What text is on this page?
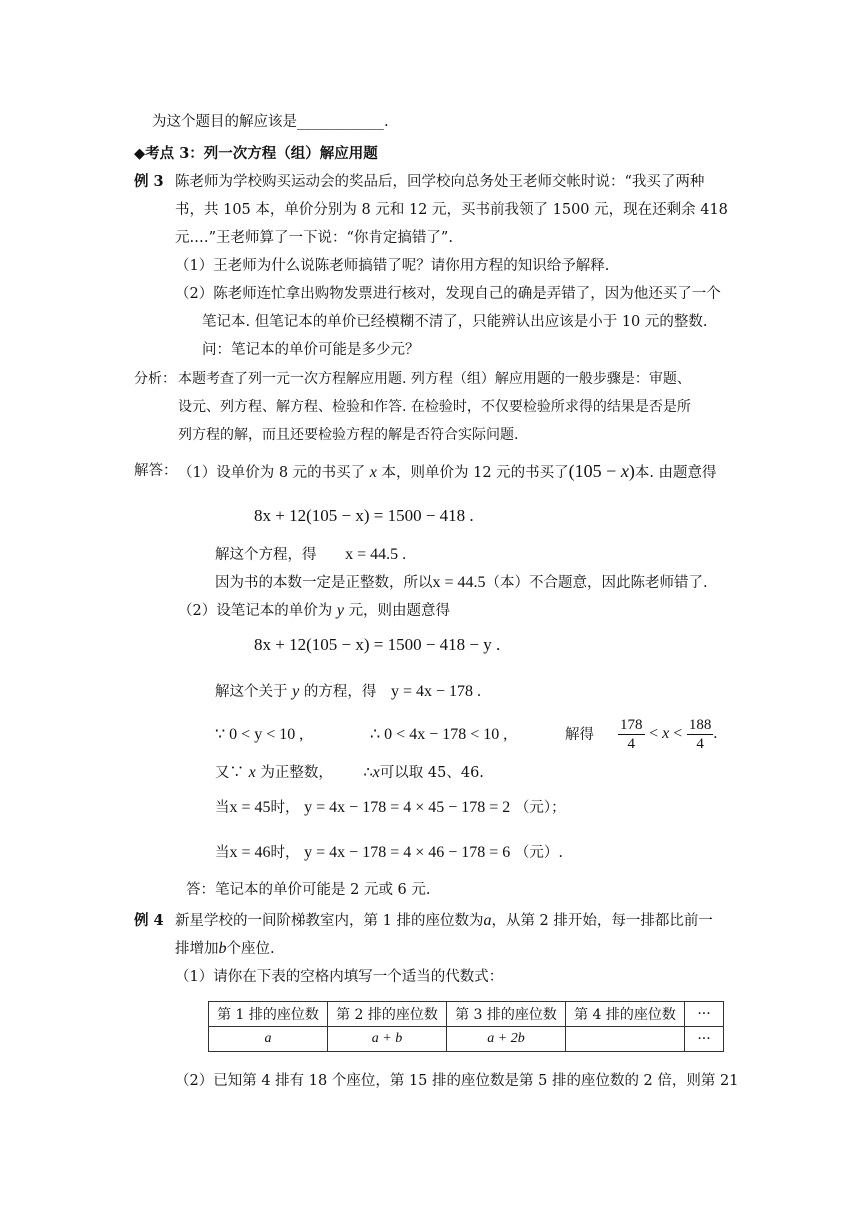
为这个题目的解应该是____________.
◆考点 3：列一次方程（组）解应用题
例 3 陈老师为学校购买运动会的奖品后，回学校向总务处王老师交帐时说：“我买了两种
书，共 105 本，单价分别为 8 元和 12 元，买书前我领了 1500 元，现在还剩余 418
元.…”王老师算了一下说：“你肯定搞错了”.
（1）王老师为什么说陈老师搞错了呢？请你用方程的知识给予解释.
（2）陈老师连忙拿出购物发票进行核对，发现自己的确是弄错了，因为他还买了一个
笔记本. 但笔记本的单价已经模糊不清了，只能辨认出应该是小于 10 元的整数.
问：笔记本的单价可能是多少元？
分析： 本题考查了列一元一次方程解应用题. 列方程（组）解应用题的一般步骤是：审题、
设元、列方程、解方程、检验和作答. 在检验时，不仅要检验所求得的结果是否是所
列方程的解，而且还要检验方程的解是否符合实际问题.
解答： （1）设单价为 8 元的书买了 x 本，则单价为 12 元的书买了(105 − x)本. 由题意得
8x + 12(105 − x) = 1500 − 418 .
解这个方程，得 x = 44.5 .
因为书的本数一定是正整数，所以x = 44.5（本）不合题意，因此陈老师错了.
（2）设笔记本的单价为 y 元，则由题意得
8x + 12(105 − x) = 1500 − 418 − y .
解这个关于 y 的方程，得 y = 4x − 178 .
∵ 0 < y < 10 ,	∴ 0 < 4x − 178 < 10 ,	解得 $\frac{178}{4} < x < \frac{188}{4}$ .
又∵ x 为正整数， ∴x可以取 45、46.
当x = 45时， y = 4x − 178 = 4 × 45 − 178 = 2 （元）；
当x = 46时， y = 4x − 178 = 4 × 46 − 178 = 6 （元）.
答：笔记本的单价可能是 2 元或 6 元.
例 4 新星学校的一间阶梯教室内，第 1 排的座位数为a，从第 2 排开始，每一排都比前一
排增加b个座位.
（1）请你在下表的空格内填写一个适当的代数式：
第 1 排的座位数	第 2 排的座位数	第 3 排的座位数	第 4 排的座位数	···
a	a + b	a + 2b		···
（2）已知第 4 排有 18 个座位，第 15 排的座位数是第 5 排的座位数的 2 倍，则第 21
